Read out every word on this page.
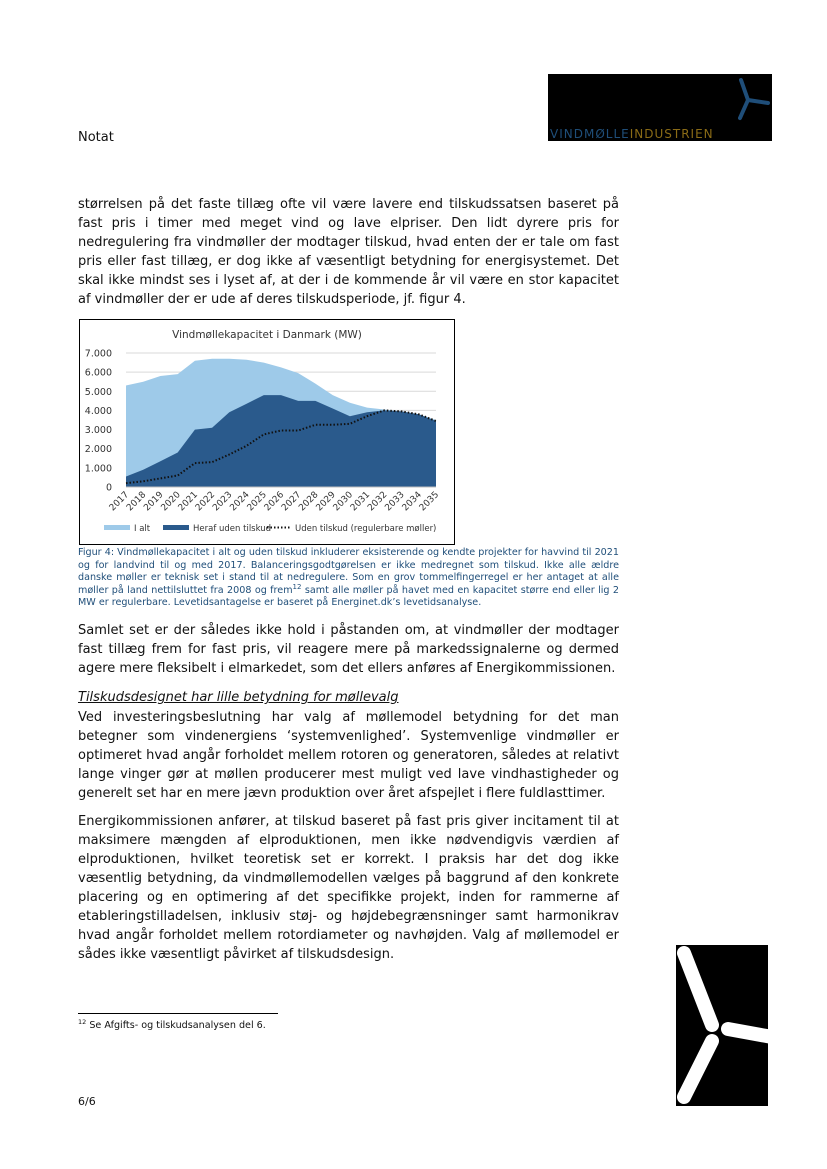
Notat	VINDMØLLEINDUSTRIEN

størrelsen på det faste tillæg ofte vil være lavere end tilskudssatsen baseret på fast pris i timer med meget vind og lave elpriser. Den lidt dyrere pris for nedregulering fra vindmøller der modtager tilskud, hvad enten der er tale om fast pris eller fast tillæg, er dog ikke af væsentligt betydning for energisystemet. Det skal ikke mindst ses i lyset af, at der i de kommende år vil være en stor kapacitet af vindmøller der er ude af deres tilskudsperiode, jf. figur 4.

Vindmøllekapacitet i Danmark (MW)
0
1.000
2.000
3.000
4.000
5.000
6.000
7.000
2017
2018
2019
2020
2021
2022
2023
2024
2025
2026
2027
2028
2029
2030
2031
2032
2033
2034
2035
I alt	Heraf uden tilskud	Uden tilskud (regulerbare møller)

Figur 4: Vindmøllekapacitet i alt og uden tilskud inkluderer eksisterende og kendte projekter for havvind til 2021 og for landvind til og med 2017. Balanceringsgodtgørelsen er ikke medregnet som tilskud. Ikke alle ældre danske møller er teknisk set i stand til at nedregulere. Som en grov tommelfingerregel er her antaget at alle møller på land nettilsluttet fra 2008 og frem$^{12}$ samt alle møller på havet med en kapacitet større end eller lig 2 MW er regulerbare. Levetidsantagelse er baseret på Energinet.dk’s levetidsanalyse.

Samlet set er der således ikke hold i påstanden om, at vindmøller der modtager fast tillæg frem for fast pris, vil reagere mere på markedssignalerne og dermed agere mere fleksibelt i elmarkedet, som det ellers anføres af Energikommissionen.

Tilskudsdesignet har lille betydning for møllevalg

Ved investeringsbeslutning har valg af møllemodel betydning for det man betegner som vindenergiens ‘systemvenlighed’. Systemvenlige vindmøller er optimeret hvad angår forholdet mellem rotoren og generatoren, således at relativt lange vinger gør at møllen producerer mest muligt ved lave vindhastigheder og generelt set har en mere jævn produktion over året afspejlet i flere fuldlasttimer.

Energikommissionen anfører, at tilskud baseret på fast pris giver incitament til at maksimere mængden af elproduktionen, men ikke nødvendigvis værdien af elproduktionen, hvilket teoretisk set er korrekt. I praksis har det dog ikke væsentlig betydning, da vindmøllemodellen vælges på baggrund af den konkrete placering og en optimering af det specifikke projekt, inden for rammerne af etableringstilladelsen, inklusiv støj- og højdebegrænsninger samt harmonikrav hvad angår forholdet mellem rotordiameter og navhøjden. Valg af møllemodel er sådes ikke væsentligt påvirket af tilskudsdesign.

$^{12}$ Se Afgifts- og tilskudsanalysen del 6.
6/6
